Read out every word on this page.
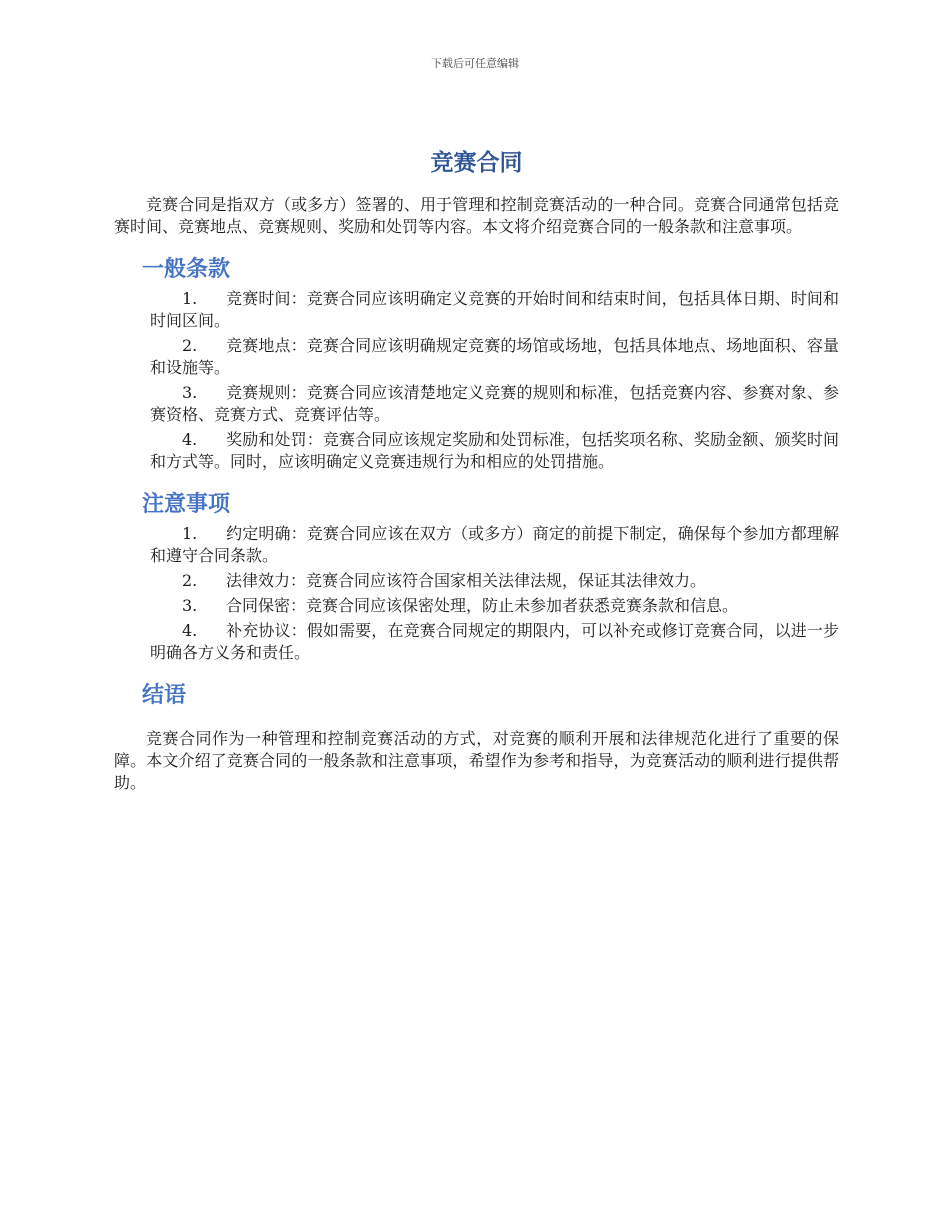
下载后可任意编辑
竞赛合同

竞赛合同是指双方（或多方）签署的、用于管理和控制竞赛活动的一种合同。竞赛合同通常包括竞赛时间、竞赛地点、竞赛规则、奖励和处罚等内容。本文将介绍竞赛合同的一般条款和注意事项。

一般条款
1. 竞赛时间：竞赛合同应该明确定义竞赛的开始时间和结束时间，包括具体日期、时间和时间区间。
2. 竞赛地点：竞赛合同应该明确规定竞赛的场馆或场地，包括具体地点、场地面积、容量和设施等。
3. 竞赛规则：竞赛合同应该清楚地定义竞赛的规则和标准，包括竞赛内容、参赛对象、参赛资格、竞赛方式、竞赛评估等。
4. 奖励和处罚：竞赛合同应该规定奖励和处罚标准，包括奖项名称、奖励金额、颁奖时间和方式等。同时，应该明确定义竞赛违规行为和相应的处罚措施。
注意事项
1. 约定明确：竞赛合同应该在双方（或多方）商定的前提下制定，确保每个参加方都理解和遵守合同条款。
2. 法律效力：竞赛合同应该符合国家相关法律法规，保证其法律效力。
3. 合同保密：竞赛合同应该保密处理，防止未参加者获悉竞赛条款和信息。
4. 补充协议：假如需要，在竞赛合同规定的期限内，可以补充或修订竞赛合同，以进一步明确各方义务和责任。
结语

竞赛合同作为一种管理和控制竞赛活动的方式，对竞赛的顺利开展和法律规范化进行了重要的保障。本文介绍了竞赛合同的一般条款和注意事项，希望作为参考和指导，为竞赛活动的顺利进行提供帮助。
